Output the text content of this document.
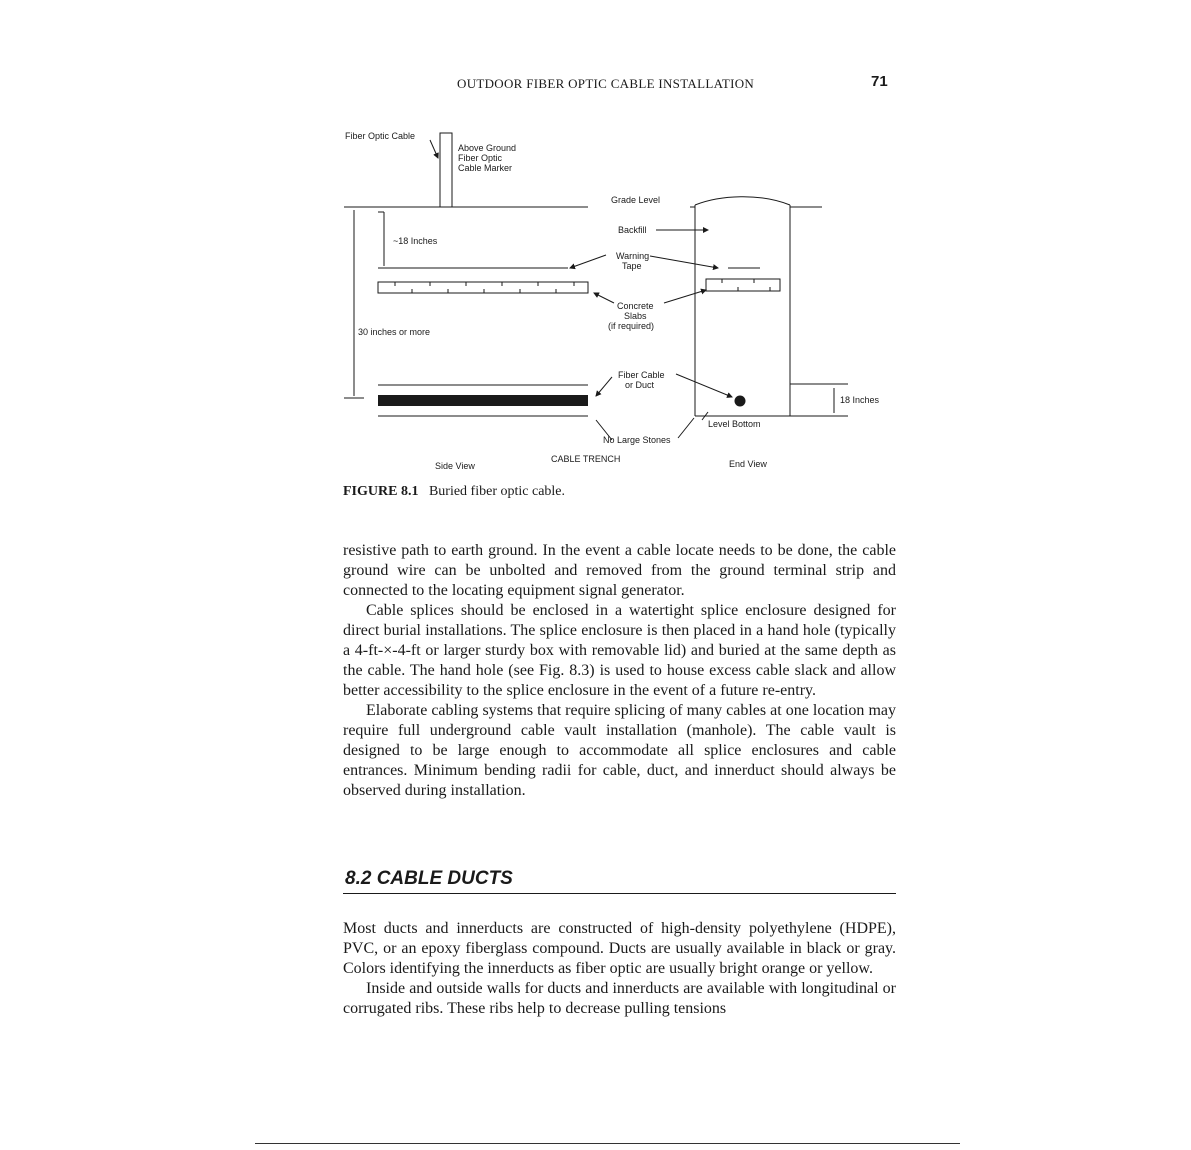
OUTDOOR FIBER OPTIC CABLE INSTALLATION	71
Fiber Optic Cable
Above Ground
Fiber Optic
Cable Marker
Grade Level
Backfill
~18 Inches
Warning
Tape
Concrete
Slabs
(if required)
30 inches or more
Fiber Cable
or Duct
18 Inches
Level Bottom
No Large Stones
CABLE TRENCH
Side View	End View
FIGURE 8.1 Buried fiber optic cable.

resistive path to earth ground. In the event a cable locate needs to be done, the cable ground wire can be unbolted and removed from the ground terminal strip and connected to the locating equipment signal generator.

Cable splices should be enclosed in a watertight splice enclosure designed for direct burial installations. The splice enclosure is then placed in a hand hole (typically a 4-ft-×-4-ft or larger sturdy box with removable lid) and buried at the same depth as the cable. The hand hole (see Fig. 8.3) is used to house excess cable slack and allow better accessibility to the splice enclosure in the event of a future re-entry.

Elaborate cabling systems that require splicing of many cables at one location may require full underground cable vault installation (manhole). The cable vault is designed to be large enough to accommodate all splice enclosures and cable entrances. Minimum bending radii for cable, duct, and innerduct should always be observed during installation.

8.2 CABLE DUCTS

Most ducts and innerducts are constructed of high-density polyethylene (HDPE), PVC, or an epoxy fiberglass compound. Ducts are usually available in black or gray. Colors identifying the innerducts as fiber optic are usually bright orange or yellow.

Inside and outside walls for ducts and innerducts are available with longitudinal or corrugated ribs. These ribs help to decrease pulling tensions
